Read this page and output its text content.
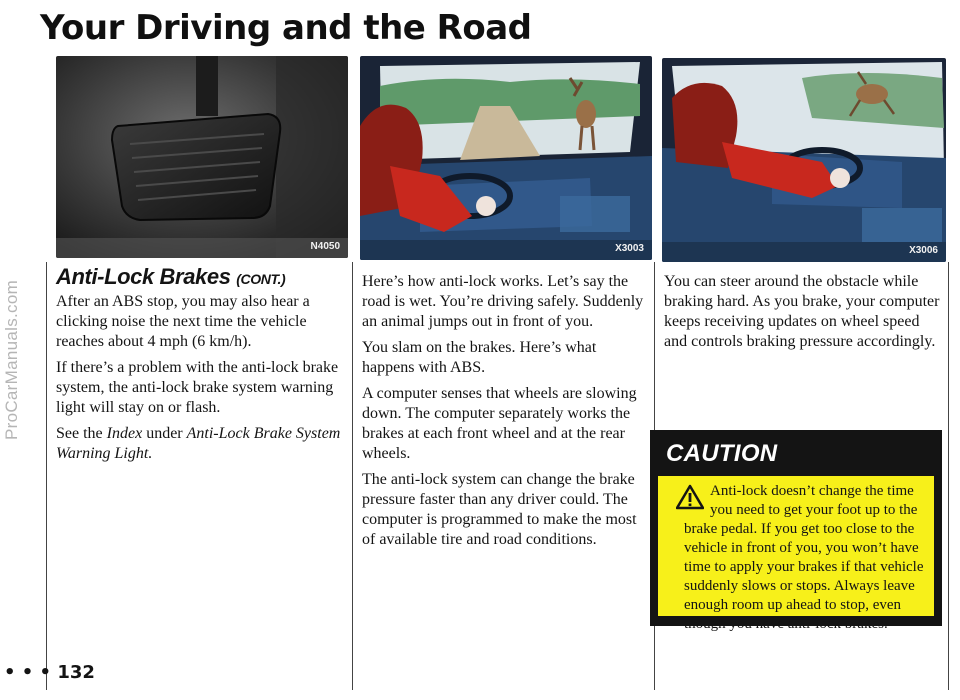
ProCarManuals.com
Your Driving and the Road
N4050	X3003	X3006
Anti-Lock Brakes (CONT.)

After an ABS stop, you may also hear a clicking noise the next time the vehicle reaches about 4 mph (6 km/h).

If there’s a problem with the anti-lock brake system, the anti-lock brake system warning light will stay on or flash.

See the Index under Anti-Lock Brake System Warning Light.

Here’s how anti-lock works. Let’s say the road is wet. You’re driving safely. Suddenly an animal jumps out in front of you.

You slam on the brakes. Here’s what happens with ABS.

A computer senses that wheels are slowing down. The computer separately works the brakes at each front wheel and at the rear wheels.

The anti-lock system can change the brake pressure faster than any driver could. The computer is programmed to make the most of available tire and road conditions.

You can steer around the obstacle while braking hard. As you brake, your computer keeps receiving updates on wheel speed and controls braking pressure accordingly.

CAUTION
Anti-lock doesn’t change the time you need to get your foot up to the brake pedal. If you get too close to the vehicle in front of you, you won’t have time to apply your brakes if that vehicle suddenly slows or stops. Always leave enough room up ahead to stop, even though you have anti-lock brakes.
• • • 132
